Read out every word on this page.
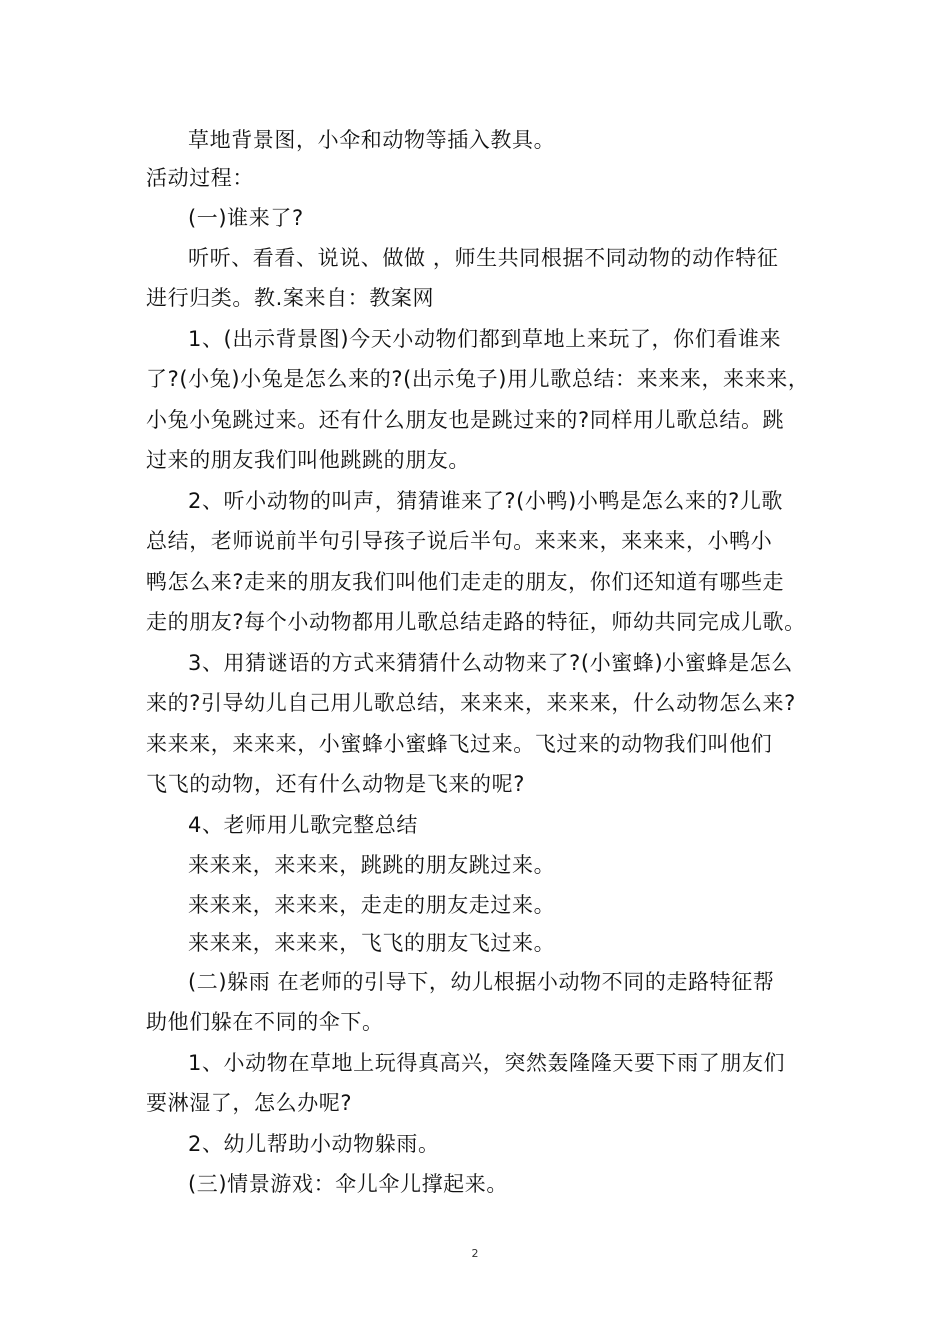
草地背景图，小伞和动物等插入教具。
活动过程：
(一)谁来了?
听听、看看、说说、做做 ，师生共同根据不同动物的动作特征
进行归类。教.案来自：教案网
1、(出示背景图)今天小动物们都到草地上来玩了，你们看谁来
了?(小兔)小兔是怎么来的?(出示兔子)用儿歌总结：来来来，来来来，
小兔小兔跳过来。还有什么朋友也是跳过来的?同样用儿歌总结。跳
过来的朋友我们叫他跳跳的朋友。
2、听小动物的叫声，猜猜谁来了?(小鸭)小鸭是怎么来的?儿歌
总结，老师说前半句引导孩子说后半句。来来来，来来来，小鸭小
鸭怎么来?走来的朋友我们叫他们走走的朋友，你们还知道有哪些走
走的朋友?每个小动物都用儿歌总结走路的特征，师幼共同完成儿歌。
3、用猜谜语的方式来猜猜什么动物来了?(小蜜蜂)小蜜蜂是怎么
来的?引导幼儿自己用儿歌总结，来来来，来来来，什么动物怎么来?
来来来，来来来，小蜜蜂小蜜蜂飞过来。飞过来的动物我们叫他们
飞飞的动物，还有什么动物是飞来的呢?
4、老师用儿歌完整总结
来来来，来来来，跳跳的朋友跳过来。
来来来，来来来，走走的朋友走过来。
来来来，来来来，飞飞的朋友飞过来。
(二)躲雨 在老师的引导下，幼儿根据小动物不同的走路特征帮
助他们躲在不同的伞下。
1、小动物在草地上玩得真高兴，突然轰隆隆天要下雨了朋友们
要淋湿了，怎么办呢?
2、幼儿帮助小动物躲雨。
(三)情景游戏：伞儿伞儿撑起来。
2
